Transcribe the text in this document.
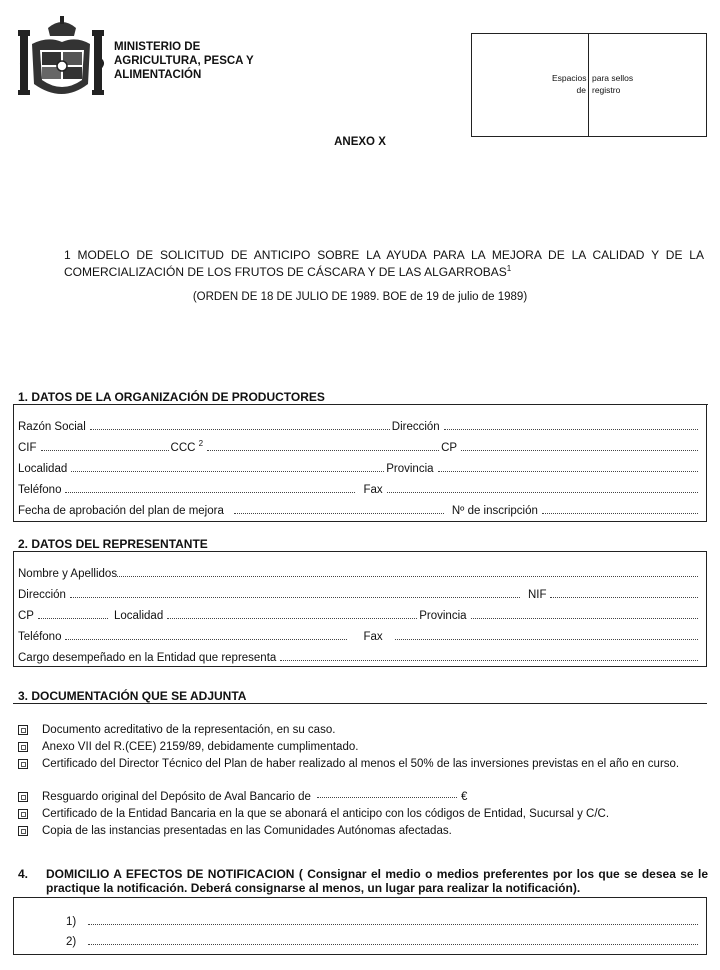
MINISTERIO DE
AGRICULTURA, PESCA Y
ALIMENTACIÓN	Espacios de
para sellos registro
ANEXO X
1 MODELO DE SOLICITUD DE ANTICIPO SOBRE LA AYUDA PARA LA MEJORA DE LA CALIDAD Y DE LA
COMERCIALIZACIÓN DE LOS FRUTOS DE CÁSCARA Y DE LAS ALGARROBAS$^1$
(ORDEN DE 18 DE JULIO DE 1989. BOE de 19 de julio de 1989)
1. DATOS DE LA ORGANIZACIÓN DE PRODUCTORES
Razón Social	Dirección
CIF	CCC $^2$	CP
Localidad	Provincia
Teléfono	Fax
Fecha de aprobación del plan de mejora	Nº de inscripción
2. DATOS DEL REPRESENTANTE
Nombre y Apellidos
Dirección	NIF
CP	Localidad	Provincia
Teléfono	Fax
Cargo desempeñado en la Entidad que representa
3. DOCUMENTACIÓN QUE SE ADJUNTA
Documento acreditativo de la representación, en su caso.
Anexo VII del R.(CEE) 2159/89, debidamente cumplimentado.
Certificado del Director Técnico del Plan de haber realizado al menos el 50% de las inversiones previstas en el año en curso.
Resguardo original del Depósito de Aval Bancario de	€
Certificado de la Entidad Bancaria en la que se abonará el anticipo con los códigos de Entidad, Sucursal y C/C.
Copia de las instancias presentadas en las Comunidades Autónomas afectadas.
4. DOMICILIO A EFECTOS DE NOTIFICACION ( Consignar el medio o medios preferentes por los que se desea se le
practique la notificación. Deberá consignarse al menos, un lugar para realizar la notificación).
1)
2)
